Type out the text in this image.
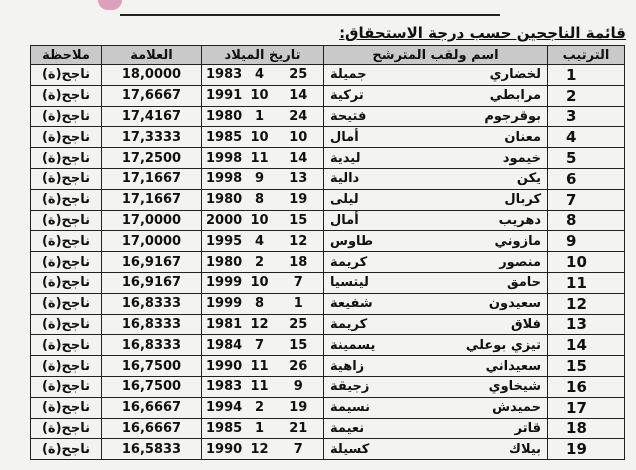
قائمة الناجحين حسب درجة الاستحقاق:
ملاحظة	العلامة	تاريخ الميلاد			اسم ولقب المترشح		الترتيب
ناجح(ة)	18,0000	1983	4	25	جميلة	لخضاري	1
ناجح(ة)	17,6667	1991	10	14	تركية	مرابطي	2
ناجح(ة)	17,4167	1980	1	24	فتيحة	بوقرجوم	3
ناجح(ة)	17,3333	1985	10	10	أمال	معنان	4
ناجح(ة)	17,2500	1998	11	14	ليدية	خيمود	5
ناجح(ة)	17,1667	1998	9	13	دالية	يكن	6
ناجح(ة)	17,1667	1980	8	19	ليلى	كربال	7
ناجح(ة)	17,0000	2000	10	15	أمال	دهريب	8
ناجح(ة)	17,0000	1995	4	12	طاوس	مازوني	9
ناجح(ة)	16,9167	1980	2	18	كريمة	منصور	10
ناجح(ة)	16,9167	1999	10	7	ليتسيا	حامق	11
ناجح(ة)	16,8333	1999	8	1	شفيعة	سعيدون	12
ناجح(ة)	16,8333	1981	12	25	كريمة	فلاق	13
ناجح(ة)	16,8333	1984	7	15	يسمينة	تيزي بوعلي	14
ناجح(ة)	16,7500	1990	11	26	زاهية	سعيداني	15
ناجح(ة)	16,7500	1983	11	9	زجيقة	شيخاوي	16
ناجح(ة)	16,6667	1994	2	19	نسيمة	حميدش	17
ناجح(ة)	16,6667	1985	1	21	نعيمة	قاتر	18
ناجح(ة)	16,5833	1990	12	7	كسيلة	بيلاك	19
